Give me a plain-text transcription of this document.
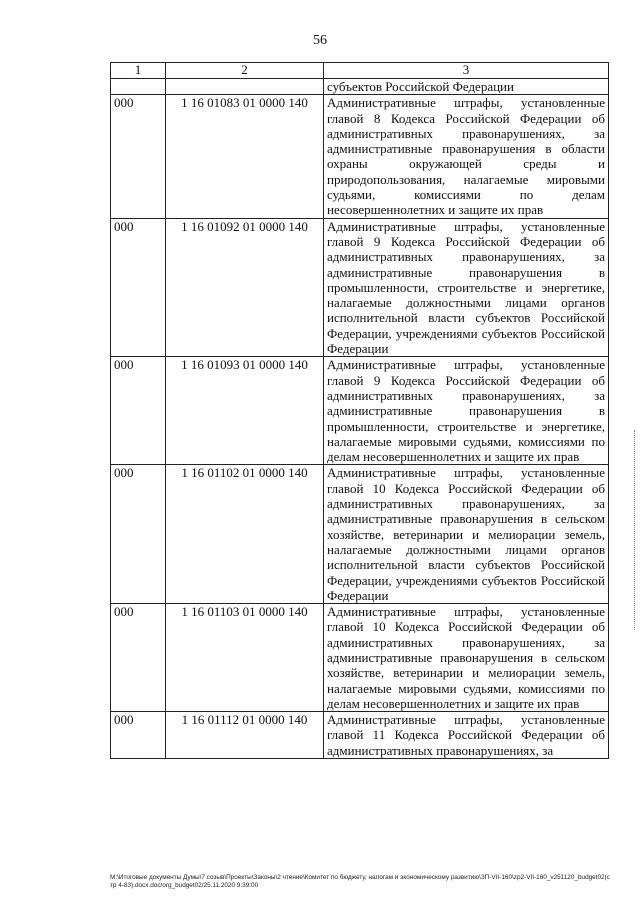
56
1	2	3
		субъектов Российской Федерации
000	1 16 01083 01 0000 140	Административные штрафы, установленные главой 8 Кодекса Российской Федерации об административных правонарушениях, за административные правонарушения в области охраны окружающей среды и природопользования, налагаемые мировыми судьями, комиссиями по делам несовершеннолетних и защите их прав
000	1 16 01092 01 0000 140	Административные штрафы, установленные главой 9 Кодекса Российской Федерации об административных правонарушениях, за административные правонарушения в промышленности, строительстве и энергетике, налагаемые должностными лицами органов исполнительной власти субъектов Российской Федерации, учреждениями субъектов Российской Федерации
000	1 16 01093 01 0000 140	Административные штрафы, установленные главой 9 Кодекса Российской Федерации об административных правонарушениях, за административные правонарушения в промышленности, строительстве и энергетике, налагаемые мировыми судьями, комиссиями по делам несовершеннолетних и защите их прав
000	1 16 01102 01 0000 140	Административные штрафы, установленные главой 10 Кодекса Российской Федерации об административных правонарушениях, за административные правонарушения в сельском хозяйстве, ветеринарии и мелиорации земель, налагаемые должностными лицами органов исполнительной власти субъектов Российской Федерации, учреждениями субъектов Российской Федерации
000	1 16 01103 01 0000 140	Административные штрафы, установленные главой 10 Кодекса Российской Федерации об административных правонарушениях, за административные правонарушения в сельском хозяйстве, ветеринарии и мелиорации земель, налагаемые мировыми судьями, комиссиями по делам несовершеннолетних и защите их прав
000	1 16 01112 01 0000 140	Административные штрафы, установленные главой 11 Кодекса Российской Федерации об административных правонарушениях, за
M:\Итоговые документы Думы\7 созыв\Проекты\Законы\2 чтение\Комитет по бюджету, налогам и экономическому развитию\ЗП-VII-160\zp2-VII-160_v251120_budget02(стр 4-83).docx.doc/org_budget02/25.11.2020 9:39:00
